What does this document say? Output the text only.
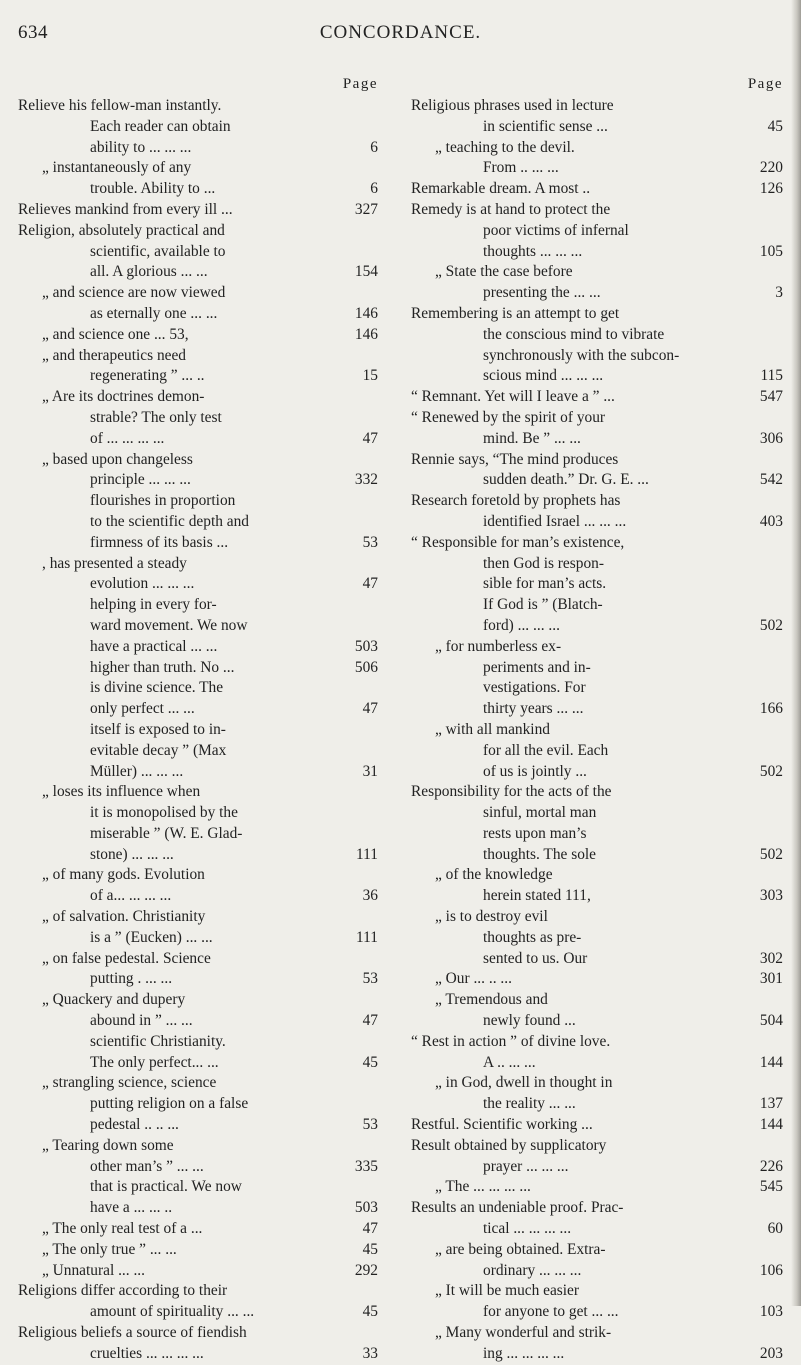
634	CONCORDANCE.
Page
Relieve his fellow-man instantly.
Each reader can obtain
ability to ... ... ...	6
„ instantaneously of any
trouble. Ability to ...	6
Relieves mankind from every ill ...	327
Religion, absolutely practical and
scientific, available to
all. A glorious ... ...	154
„ and science are now viewed
as eternally one ... ...	146
„ and science one ... 53,	146
„ and therapeutics need
regenerating ” ... ..	15
„ Are its doctrines demon-
strable? The only test
of ... ... ... ...	47
„ based upon changeless
principle ... ... ...	332
flourishes in proportion
to the scientific depth and
firmness of its basis ...	53
, has presented a steady
evolution ... ... ...	47
helping in every for-
ward movement. We now
have a practical ... ...	503
higher than truth. No ...	506
is divine science. The
only perfect ... ...	47
itself is exposed to in-
evitable decay ” (Max
Müller) ... ... ...	31
„ loses its influence when
it is monopolised by the
miserable ” (W. E. Glad-
stone) ... ... ...	111
„ of many gods. Evolution
of a... ... ... ...	36
„ of salvation. Christianity
is a ” (Eucken) ... ...	111
„ on false pedestal. Science
putting . ... ...	53
„ Quackery and dupery
abound in ” ... ...	47
scientific Christianity.
The only perfect... ...	45
„ strangling science, science
putting religion on a false
pedestal .. .. ...	53
„ Tearing down some
other man’s ” ... ...	335
that is practical. We now
have a ... ... ..	503
„ The only real test of a ...	47
„ The only true ” ... ...	45
„ Unnatural ... ...	292
Religions differ according to their
amount of spirituality ... ...	45
Religious beliefs a source of fiendish
cruelties ... ... ... ...	33
Page
Religious phrases used in lecture
in scientific sense ...	45
„ teaching to the devil.
From .. ... ...	220
Remarkable dream. A most ..	126
Remedy is at hand to protect the
poor victims of infernal
thoughts ... ... ...	105
„ State the case before
presenting the ... ...	3
Remembering is an attempt to get
the conscious mind to vibrate
synchronously with the subcon-
scious mind ... ... ...	115
“ Remnant. Yet will I leave a ” ...	547
“ Renewed by the spirit of your
mind. Be ” ... ...	306
Rennie says, “The mind produces
sudden death.” Dr. G. E. ...	542
Research foretold by prophets has
identified Israel ... ... ...	403
“ Responsible for man’s existence,
then God is respon-
sible for man’s acts.
If God is ” (Blatch-
ford) ... ... ...	502
„ for numberless ex-
periments and in-
vestigations. For
thirty years ... ...	166
„ with all mankind
for all the evil. Each
of us is jointly ...	502
Responsibility for the acts of the
sinful, mortal man
rests upon man’s
thoughts. The sole	502
„ of the knowledge
herein stated 111,	303
„ is to destroy evil
thoughts as pre-
sented to us. Our	302
„ Our ... .. ...	301
„ Tremendous and
newly found ...	504
“ Rest in action ” of divine love.
A .. ... ...	144
„ in God, dwell in thought in
the reality ... ...	137
Restful. Scientific working ...	144
Result obtained by supplicatory
prayer ... ... ...	226
„ The ... ... ... ...	545
Results an undeniable proof. Prac-
tical ... ... ... ...	60
„ are being obtained. Extra-
ordinary ... ... ...	106
„ It will be much easier
for anyone to get ... ...	103
„ Many wonderful and strik-
ing ... ... ... ...	203
